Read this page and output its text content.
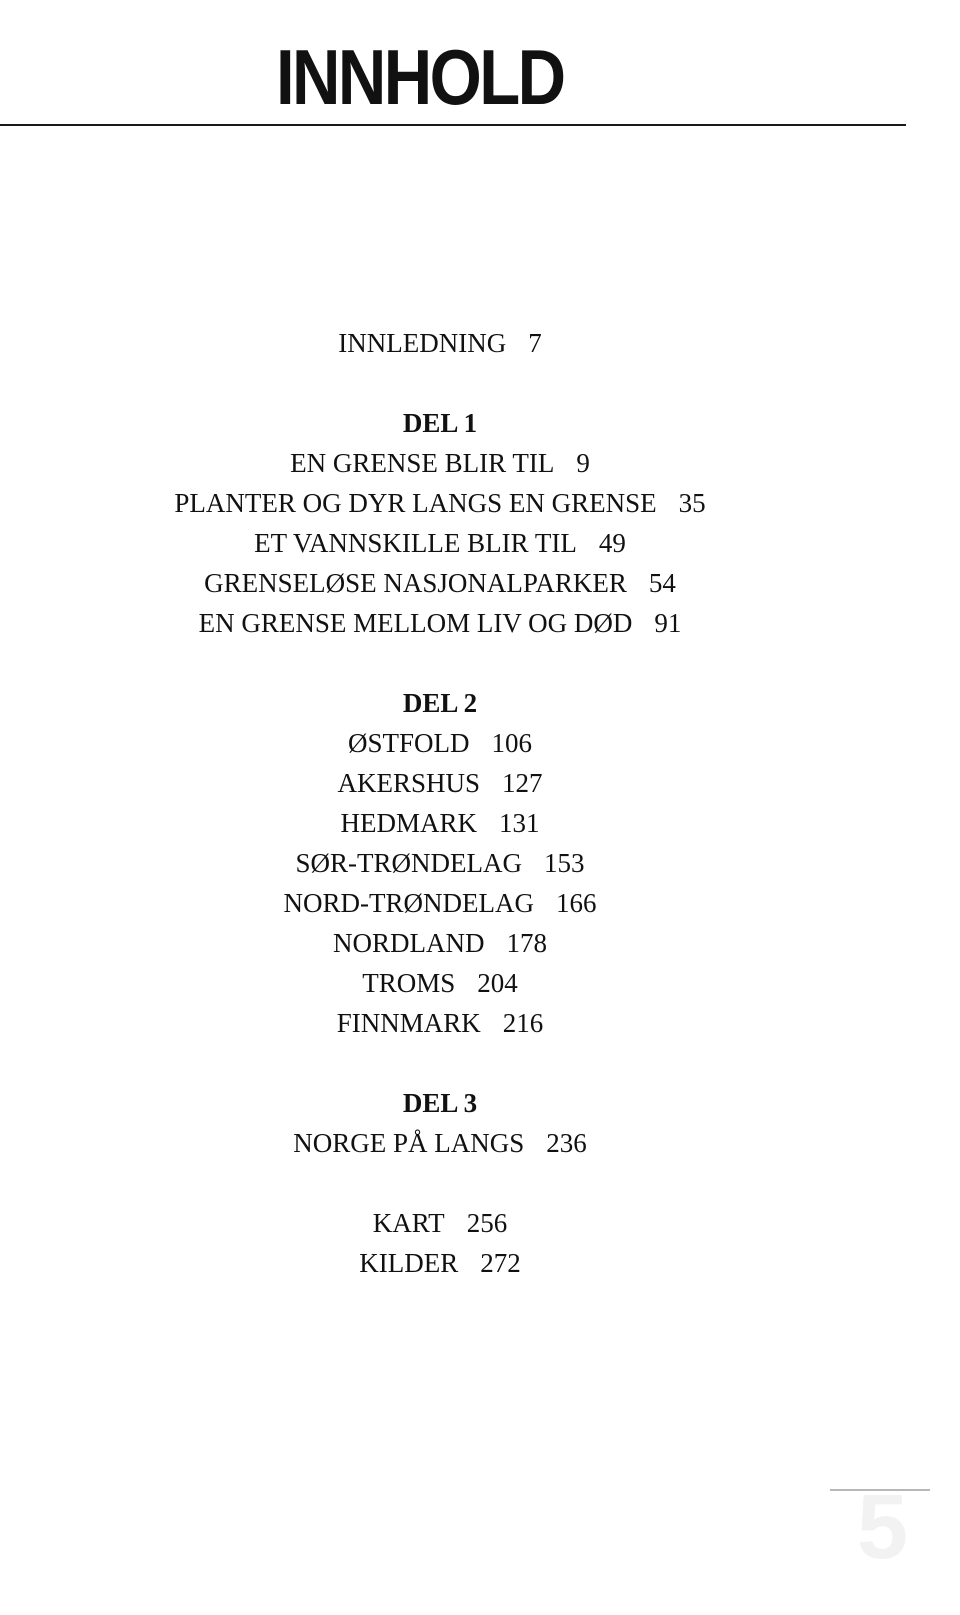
INNHOLD
INNLEDNING 7
DEL 1
EN GRENSE BLIR TIL 9
PLANTER OG DYR LANGS EN GRENSE 35
ET VANNSKILLE BLIR TIL 49
GRENSELØSE NASJONALPARKER 54
EN GRENSE MELLOM LIV OG DØD 91
DEL 2
ØSTFOLD 106
AKERSHUS 127
HEDMARK 131
SØR-TRØNDELAG 153
NORD-TRØNDELAG 166
NORDLAND 178
TROMS 204
FINNMARK 216
DEL 3
NORGE PÅ LANGS 236
KART 256
KILDER 272
5
